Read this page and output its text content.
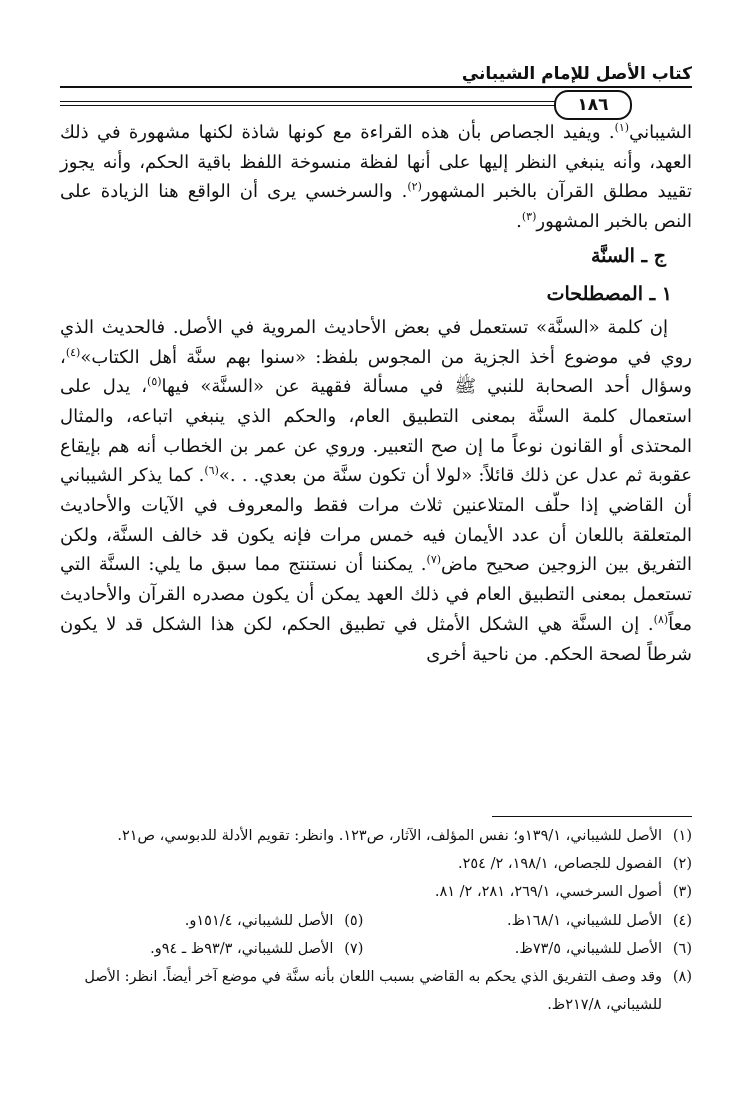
كتاب الأصل للإمام الشيباني
١٨٦

الشيباني$^{(١)}$. ويفيد الجصاص بأن هذه القراءة مع كونها شاذة لكنها مشهورة في ذلك العهد، وأنه ينبغي النظر إليها على أنها لفظة منسوخة اللفظ باقية الحكم، وأنه يجوز تقييد مطلق القرآن بالخبر المشهور$^{(٢)}$. والسرخسي يرى أن الواقع هنا الزيادة على النص بالخبر المشهور$^{(٣)}$.

ج ـ السنَّة
١ ـ المصطلحات

إن كلمة «السنَّة» تستعمل في بعض الأحاديث المروية في الأصل. فالحديث الذي روي في موضوع أخذ الجزية من المجوس بلفظ: «سنوا بهم سنَّة أهل الكتاب»$^{(٤)}$، وسؤال أحد الصحابة للنبي ﷺ في مسألة فقهية عن «السنَّة» فيها$^{(٥)}$، يدل على استعمال كلمة السنَّة بمعنى التطبيق العام، والحكم الذي ينبغي اتباعه، والمثال المحتذى أو القانون نوعاً ما إن صح التعبير. وروي عن عمر بن الخطاب أنه هم بإيقاع عقوبة ثم عدل عن ذلك قائلاً: «لولا أن تكون سنَّة من بعدي. . .»$^{(٦)}$. كما يذكر الشيباني أن القاضي إذا حلّف المتلاعنين ثلاث مرات فقط والمعروف في الآيات والأحاديث المتعلقة باللعان أن عدد الأيمان فيه خمس مرات فإنه يكون قد خالف السنَّة، ولكن التفريق بين الزوجين صحيح ماض$^{(٧)}$. يمكننا أن نستنتج مما سبق ما يلي: السنَّة التي تستعمل بمعنى التطبيق العام في ذلك العهد يمكن أن يكون مصدره القرآن والأحاديث معاً$^{(٨)}$. إن السنَّة هي الشكل الأمثل في تطبيق الحكم، لكن هذا الشكل قد لا يكون شرطاً لصحة الحكم. من ناحية أخرى

(١)
الأصل للشيباني، ١٣٩/١و؛ نفس المؤلف، الآثار، ص١٢٣. وانظر: تقويم الأدلة للدبوسي، ص٢١.
(٢)
الفصول للجصاص، ١٩٨/١، ٢/ ٢٥٤.
(٣)
أصول السرخسي، ٢٦٩/١، ٢٨١، ٢/ ٨١.
(٤)
الأصل للشيباني، ١٦٨/١ظ.
(٥)
الأصل للشيباني، ١٥١/٤و.
(٦)
الأصل للشيباني، ٧٣/٥ظ.
(٧)
الأصل للشيباني، ٩٣/٣ظ ـ ٩٤و.
(٨)
وقد وصف التفريق الذي يحكم به القاضي بسبب اللعان بأنه سنَّة في موضع آخر أيضاً. انظر: الأصل للشيباني، ٢١٧/٨ظ.
